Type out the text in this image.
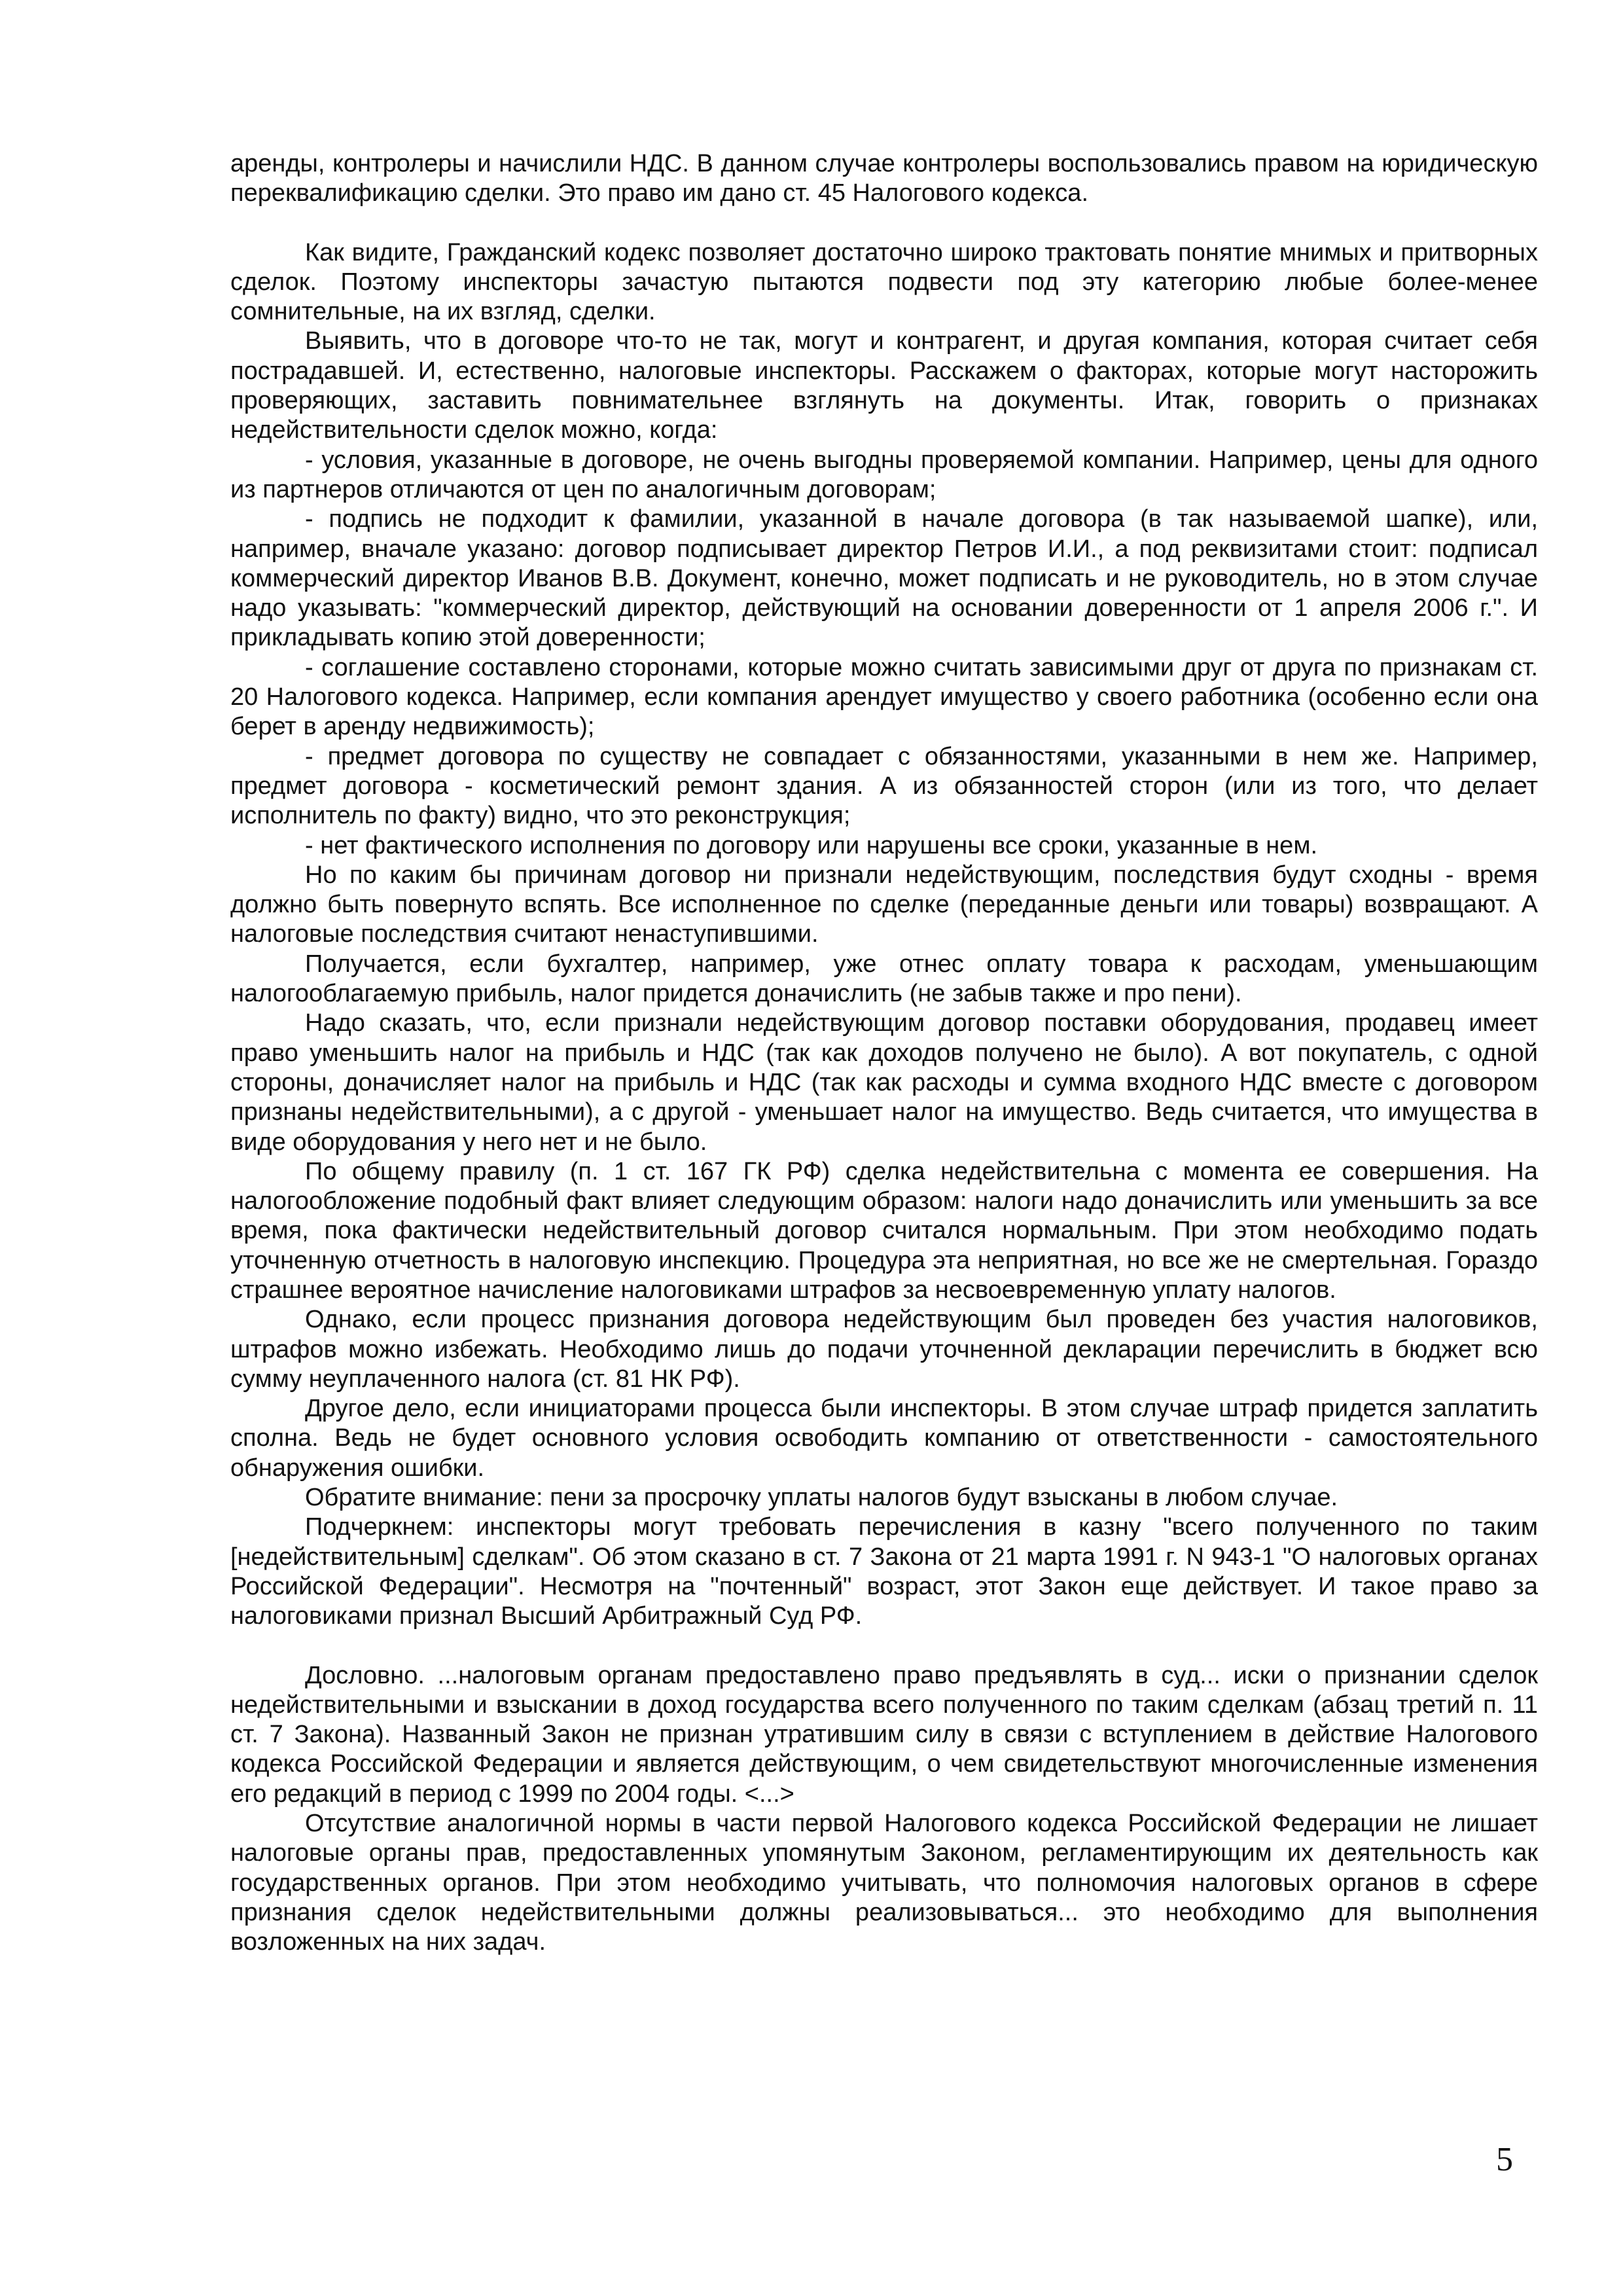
аренды, контролеры и начислили НДС. В данном случае контролеры воспользовались правом на юридическую переквалификацию сделки. Это право им дано ст. 45 Налогового кодекса.

Как видите, Гражданский кодекс позволяет достаточно широко трактовать понятие мнимых и притворных сделок. Поэтому инспекторы зачастую пытаются подвести под эту категорию любые более-менее сомнительные, на их взгляд, сделки.

Выявить, что в договоре что-то не так, могут и контрагент, и другая компания, которая считает себя пострадавшей. И, естественно, налоговые инспекторы. Расскажем о факторах, которые могут насторожить проверяющих, заставить повнимательнее взглянуть на документы. Итак, говорить о признаках недействительности сделок можно, когда:

- условия, указанные в договоре, не очень выгодны проверяемой компании. Например, цены для одного из партнеров отличаются от цен по аналогичным договорам;

- подпись не подходит к фамилии, указанной в начале договора (в так называемой шапке), или, например, вначале указано: договор подписывает директор Петров И.И., а под реквизитами стоит: подписал коммерческий директор Иванов В.В. Документ, конечно, может подписать и не руководитель, но в этом случае надо указывать: "коммерческий директор, действующий на основании доверенности от 1 апреля 2006 г.". И прикладывать копию этой доверенности;

- соглашение составлено сторонами, которые можно считать зависимыми друг от друга по признакам ст. 20 Налогового кодекса. Например, если компания арендует имущество у своего работника (особенно если она берет в аренду недвижимость);

- предмет договора по существу не совпадает с обязанностями, указанными в нем же. Например, предмет договора - косметический ремонт здания. А из обязанностей сторон (или из того, что делает исполнитель по факту) видно, что это реконструкция;

- нет фактического исполнения по договору или нарушены все сроки, указанные в нем.

Но по каким бы причинам договор ни признали недействующим, последствия будут сходны - время должно быть повернуто вспять. Все исполненное по сделке (переданные деньги или товары) возвращают. А налоговые последствия считают ненаступившими.

Получается, если бухгалтер, например, уже отнес оплату товара к расходам, уменьшающим налогооблагаемую прибыль, налог придется доначислить (не забыв также и про пени).

Надо сказать, что, если признали недействующим договор поставки оборудования, продавец имеет право уменьшить налог на прибыль и НДС (так как доходов получено не было). А вот покупатель, с одной стороны, доначисляет налог на прибыль и НДС (так как расходы и сумма входного НДС вместе с договором признаны недействительными), а с другой - уменьшает налог на имущество. Ведь считается, что имущества в виде оборудования у него нет и не было.

По общему правилу (п. 1 ст. 167 ГК РФ) сделка недействительна с момента ее совершения. На налогообложение подобный факт влияет следующим образом: налоги надо доначислить или уменьшить за все время, пока фактически недействительный договор считался нормальным. При этом необходимо подать уточненную отчетность в налоговую инспекцию. Процедура эта неприятная, но все же не смертельная. Гораздо страшнее вероятное начисление налоговиками штрафов за несвоевременную уплату налогов.

Однако, если процесс признания договора недействующим был проведен без участия налоговиков, штрафов можно избежать. Необходимо лишь до подачи уточненной декларации перечислить в бюджет всю сумму неуплаченного налога (ст. 81 НК РФ).

Другое дело, если инициаторами процесса были инспекторы. В этом случае штраф придется заплатить сполна. Ведь не будет основного условия освободить компанию от ответственности - самостоятельного обнаружения ошибки.

Обратите внимание: пени за просрочку уплаты налогов будут взысканы в любом случае.

Подчеркнем: инспекторы могут требовать перечисления в казну "всего полученного по таким [недействительным] сделкам". Об этом сказано в ст. 7 Закона от 21 марта 1991 г. N 943-1 "О налоговых органах Российской Федерации". Несмотря на "почтенный" возраст, этот Закон еще действует. И такое право за налоговиками признал Высший Арбитражный Суд РФ.

Дословно. ...налоговым органам предоставлено право предъявлять в суд... иски о признании сделок недействительными и взыскании в доход государства всего полученного по таким сделкам (абзац третий п. 11 ст. 7 Закона). Названный Закон не признан утратившим силу в связи с вступлением в действие Налогового кодекса Российской Федерации и является действующим, о чем свидетельствуют многочисленные изменения его редакций в период с 1999 по 2004 годы. <...>

Отсутствие аналогичной нормы в части первой Налогового кодекса Российской Федерации не лишает налоговые органы прав, предоставленных упомянутым Законом, регламентирующим их деятельность как государственных органов. При этом необходимо учитывать, что полномочия налоговых органов в сфере признания сделок недействительными должны реализовываться... это необходимо для выполнения возложенных на них задач.

5
